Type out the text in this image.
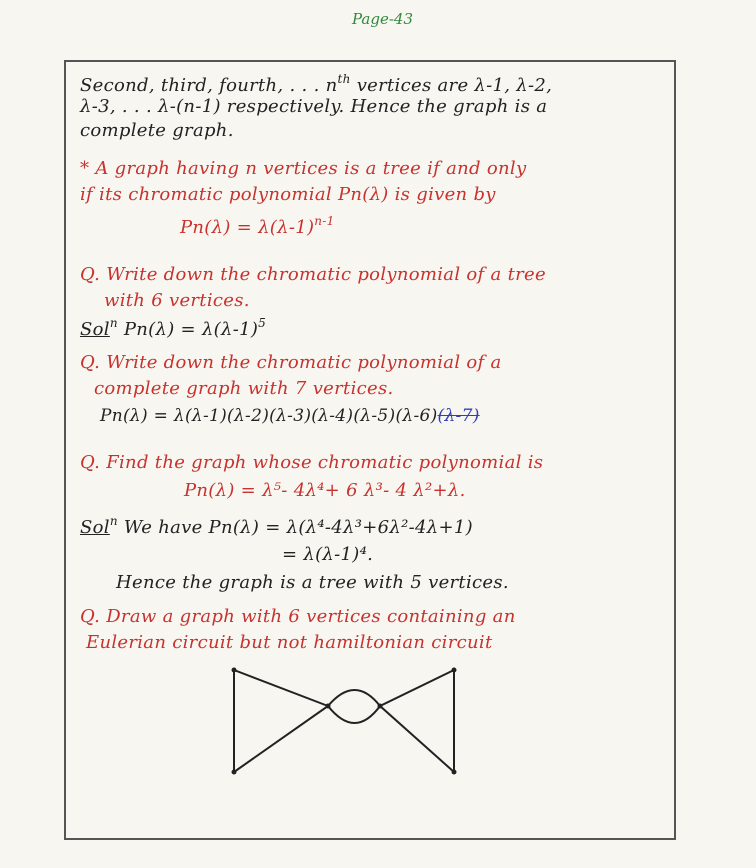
Page-43
Second, third, fourth, . . . $n^{th}$ vertices are λ-1, λ-2,
λ-3, . . . λ-(n-1) respectively. Hence the graph is a
complete graph.
* A graph having n vertices is a tree if and only
if its chromatic polynomial Pn(λ) is given by
$Pn(\lambda) = \lambda(\lambda-1)^{n-1}$
Q. Write down the chromatic polynomial of a tree
with 6 vertices.
Sol$^n$ $Pn(\lambda) = \lambda(\lambda-1)^5$
Q. Write down the chromatic polynomial of a
complete graph with 7 vertices.
Pn(λ) = λ(λ-1)(λ-2)(λ-3)(λ-4)(λ-5)(λ-6)(λ-7)
Q. Find the graph whose chromatic polynomial is
Pn(λ) = λ⁵- 4λ⁴+ 6 λ³- 4 λ²+λ.
Sol$^n$ We have Pn(λ) = λ(λ⁴-4λ³+6λ²-4λ+1)
= λ(λ-1)⁴.
Hence the graph is a tree with 5 vertices.
Q. Draw a graph with 6 vertices containing an
Eulerian circuit but not hamiltonian circuit
